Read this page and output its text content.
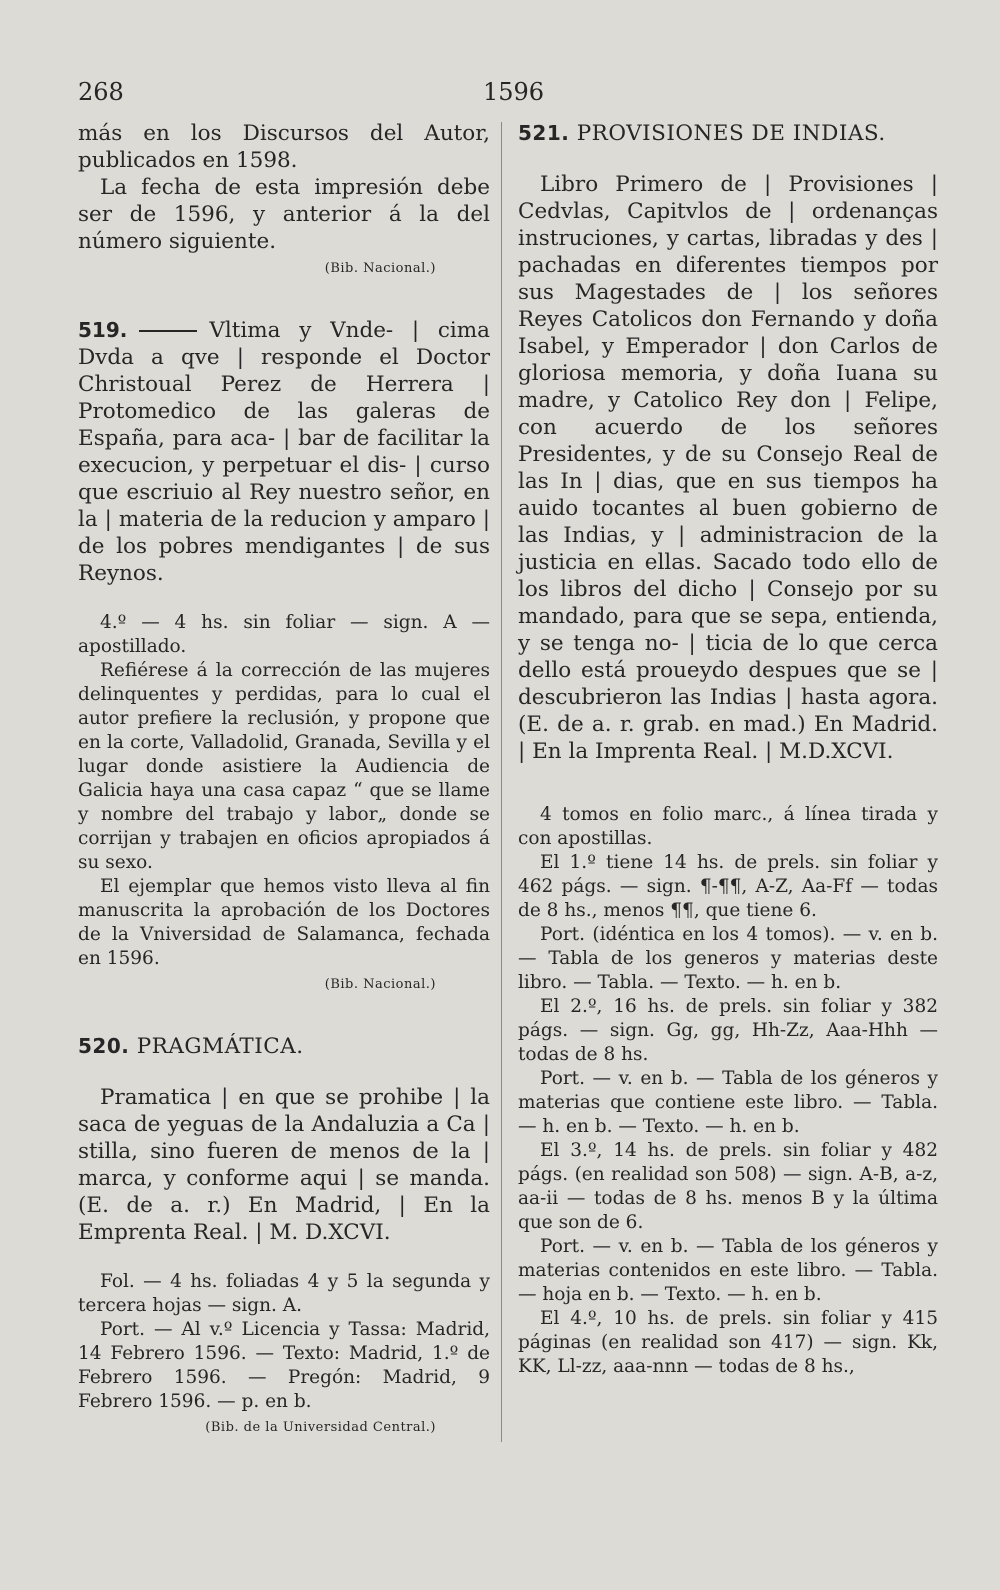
268	1596

más en los Discursos del Autor, publicados en 1598.

La fecha de esta impresión debe ser de 1596, y anterior á la del número siguiente.

(Bib. Nacional.)

519.	Vltima y Vnde- | cima Dvda a qve | responde el Doctor Christoual Perez de Herrera | Protomedico de las galeras de España, para aca- | bar de facilitar la execucion, y perpetuar el dis- | curso que escriuio al Rey nuestro señor, en la | materia de la reducion y amparo | de los pobres mendigantes | de sus Reynos.

4.º — 4 hs. sin foliar — sign. A — apostillado.

Refiérese á la corrección de las mujeres delinquentes y perdidas, para lo cual el autor prefiere la reclusión, y propone que en la corte, Valladolid, Granada, Sevilla y el lugar donde asistiere la Audiencia de Galicia haya una casa capaz “ que se llame y nombre del trabajo y labor„ donde se corrijan y trabajen en oficios apropiados á su sexo.

El ejemplar que hemos visto lleva al fin manuscrita la aprobación de los Doctores de la Vniversidad de Salamanca, fechada en 1596.

(Bib. Nacional.)

520. PRAGMÁTICA.

Pramatica | en que se prohibe | la saca de yeguas de la Andaluzia a Ca | stilla, sino fueren de menos de la | marca, y conforme aqui | se manda. (E. de a. r.) En Madrid, | En la Emprenta Real. | M. D.XCVI.

Fol. — 4 hs. foliadas 4 y 5 la segunda y tercera hojas — sign. A.

Port. — Al v.º Licencia y Tassa: Madrid, 14 Febrero 1596. — Texto: Madrid, 1.º de Febrero 1596. — Pregón: Madrid, 9 Febrero 1596. — p. en b.

(Bib. de la Universidad Central.)

521. PROVISIONES DE INDIAS.

Libro Primero de | Provisiones | Cedvlas, Capitvlos de | ordenanças instruciones, y cartas, libradas y des | pachadas en diferentes tiempos por sus Magestades de | los señores Reyes Catolicos don Fernando y doña Isabel, y Emperador | don Carlos de gloriosa memoria, y doña Iuana su madre, y Catolico Rey don | Felipe, con acuerdo de los señores Presidentes, y de su Consejo Real de las In | dias, que en sus tiempos ha auido tocantes al buen gobierno de las Indias, y | administracion de la justicia en ellas. Sacado todo ello de los libros del dicho | Consejo por su mandado, para que se sepa, entienda, y se tenga no- | ticia de lo que cerca dello está proueydo despues que se | descubrieron las Indias | hasta agora. (E. de a. r. grab. en mad.) En Madrid. | En la Imprenta Real. | M.D.XCVI.

4 tomos en folio marc., á línea tirada y con apostillas.

El 1.º tiene 14 hs. de prels. sin foliar y 462 págs. — sign. ¶-¶¶, A-Z, Aa-Ff — todas de 8 hs., menos ¶¶, que tiene 6.

Port. (idéntica en los 4 tomos). — v. en b. — Tabla de los generos y materias deste libro. — Tabla. — Texto. — h. en b.

El 2.º, 16 hs. de prels. sin foliar y 382 págs. — sign. Gg, gg, Hh-Zz, Aaa-Hhh — todas de 8 hs.

Port. — v. en b. — Tabla de los géneros y materias que contiene este libro. — Tabla. — h. en b. — Texto. — h. en b.

El 3.º, 14 hs. de prels. sin foliar y 482 págs. (en realidad son 508) — sign. A-B, a-z, aa-ii — todas de 8 hs. menos B y la última que son de 6.

Port. — v. en b. — Tabla de los géneros y materias contenidos en este libro. — Tabla. — hoja en b. — Texto. — h. en b.

El 4.º, 10 hs. de prels. sin foliar y 415 páginas (en realidad son 417) — sign. Kk, KK, Ll-zz, aaa-nnn — todas de 8 hs.,
